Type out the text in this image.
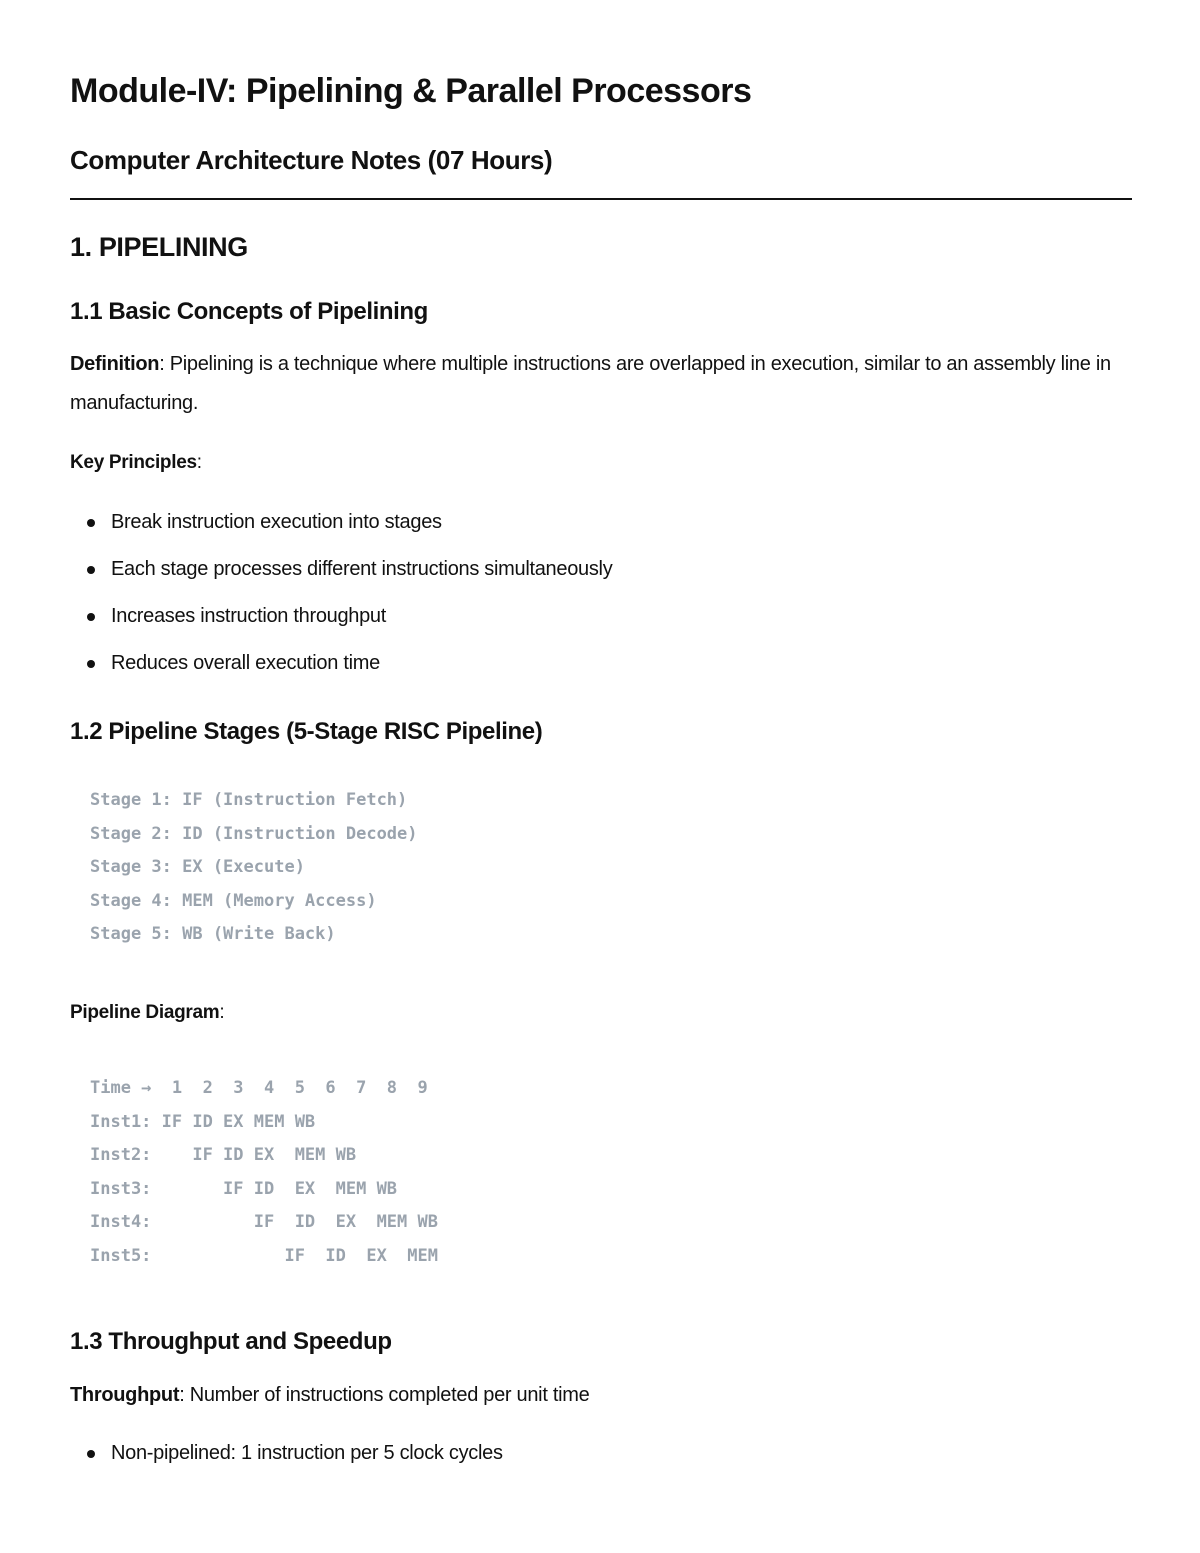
Module-IV: Pipelining & Parallel Processors
Computer Architecture Notes (07 Hours)
1. PIPELINING
1.1 Basic Concepts of Pipelining

Definition: Pipelining is a technique where multiple instructions are overlapped in execution, similar to an assembly line in manufacturing.

Key Principles:

Break instruction execution into stages
Each stage processes different instructions simultaneously
Increases instruction throughput
Reduces overall execution time
1.2 Pipeline Stages (5-Stage RISC Pipeline)
Stage 1: IF (Instruction Fetch)
Stage 2: ID (Instruction Decode)
Stage 3: EX (Execute)
Stage 4: MEM (Memory Access)
Stage 5: WB (Write Back)

Pipeline Diagram:

Time →  1  2  3  4  5  6  7  8  9
Inst1: IF ID EX MEM WB
Inst2:    IF ID EX  MEM WB
Inst3:       IF ID  EX  MEM WB
Inst4:          IF  ID  EX  MEM WB
Inst5:             IF  ID  EX  MEM
1.3 Throughput and Speedup

Throughput: Number of instructions completed per unit time

Non-pipelined: 1 instruction per 5 clock cycles
